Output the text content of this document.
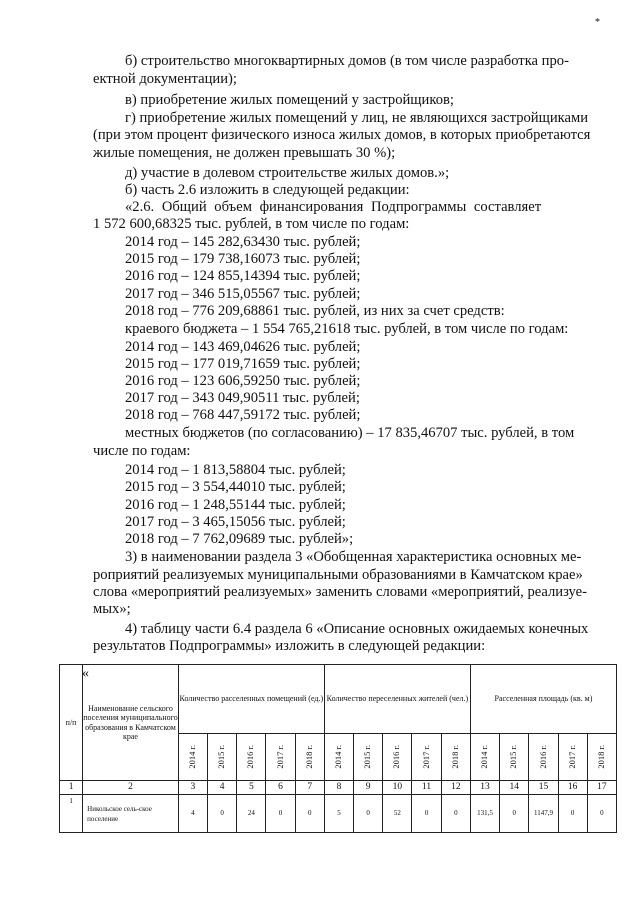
*
б) строительство многоквартирных домов (в том числе разработка про-
ектной документации);
в) приобретение жилых помещений у застройщиков;
г) приобретение жилых помещений у лиц, не являющихся застройщиками
(при этом процент физического износа жилых домов, в которых приобретаются
жилые помещения, не должен превышать 30 %);
д) участие в долевом строительстве жилых домов.»;
б) часть 2.6 изложить в следующей редакции:
«2.6. Общий объем финансирования Подпрограммы составляет
1 572 600,68325 тыс. рублей, в том числе по годам:
2014 год – 145 282,63430 тыс. рублей;
2015 год – 179 738,16073 тыс. рублей;
2016 год – 124 855,14394 тыс. рублей;
2017 год – 346 515,05567 тыс. рублей;
2018 год – 776 209,68861 тыс. рублей, из них за счет средств:
краевого бюджета – 1 554 765,21618 тыс. рублей, в том числе по годам:
2014 год – 143 469,04626 тыс. рублей;
2015 год – 177 019,71659 тыс. рублей;
2016 год – 123 606,59250 тыс. рублей;
2017 год – 343 049,90511 тыс. рублей;
2018 год – 768 447,59172 тыс. рублей;
местных бюджетов (по согласованию) – 17 835,46707 тыс. рублей, в том
числе по годам:
2014 год – 1 813,58804 тыс. рублей;
2015 год – 3 554,44010 тыс. рублей;
2016 год – 1 248,55144 тыс. рублей;
2017 год – 3 465,15056 тыс. рублей;
2018 год – 7 762,09689 тыс. рублей»;
3) в наименовании раздела 3 «Обобщенная характеристика основных ме-
роприятий реализуемых муниципальными образованиями в Камчатском крае»
слова «мероприятий реализуемых» заменить словами «мероприятий, реализуе-
мых»;
4) таблицу части 6.4 раздела 6 «Описание основных ожидаемых конечных
результатов Подпрограммы» изложить в следующей редакции:
«
п/п	Наименование сельского поселения муниципального образования в Камчатском крае	Количество расселенных помещений (ед.)					Количество переселенных жителей (чел.)					Расселенная площадь (кв. м)				
		2014 г.	2015 г.	2016 г.	2017 г.	2018 г.	2014 г.	2015 г.	2016 г.	2017 г.	2018 г.	2014 г.	2015 г.	2016 г.	2017 г.	2018 г.
1	2	3	4	5	6	7	8	9	10	11	12	13	14	15	16	17
1	Никольское сель-ское поселение	4	0	24	0	0	5	0	52	0	0	131,5	0	1147,9	0	0
